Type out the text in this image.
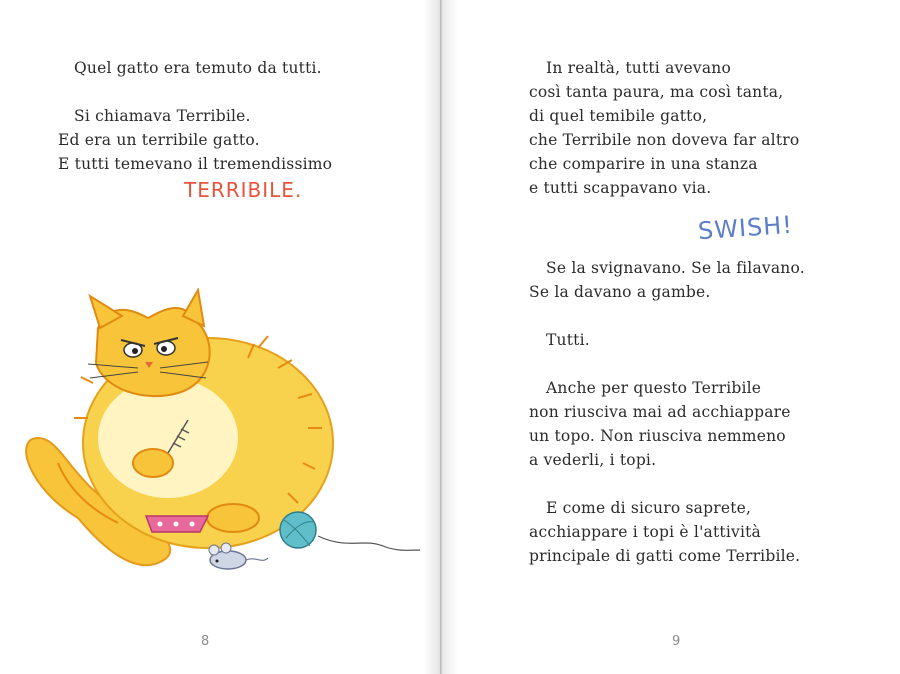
Quel gatto era temuto da tutti.
Si chiamava Terribile.
Ed era un terribile gatto.
E tutti temevano il tremendissimo
TERRIBILE.
8
In realtà, tutti avevano
così tanta paura, ma così tanta,
di quel temibile gatto,
che Terribile non doveva far altro
che comparire in una stanza
e tutti scappavano via.
SWISH!
Se la svignavano. Se la filavano.
Se la davano a gambe.
Tutti.
Anche per questo Terribile
non riusciva mai ad acchiappare
un topo. Non riusciva nemmeno
a vederli, i topi.
E come di sicuro saprete,
acchiappare i topi è l'attività
principale di gatti come Terribile.
9
